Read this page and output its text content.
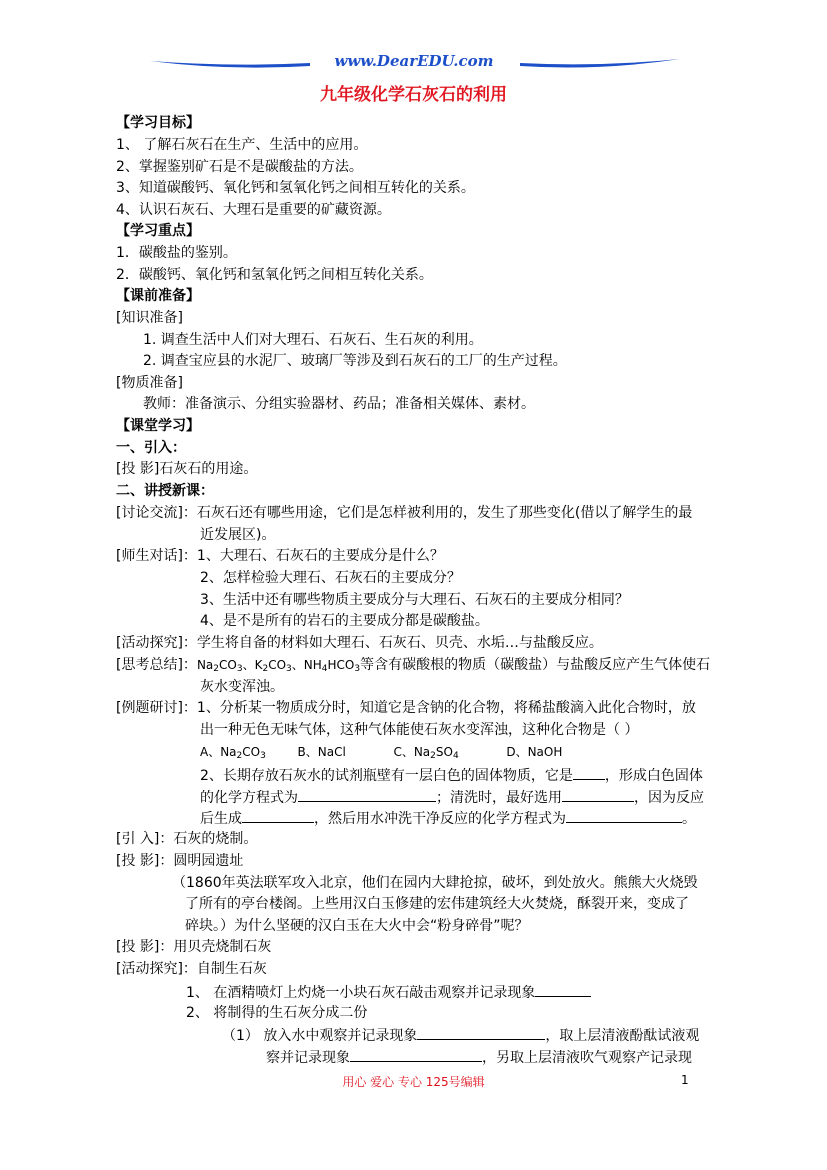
www.DearEDU.com
九年级化学石灰石的利用
【学习目标】
1、 了解石灰石在生产、生活中的应用。
2、掌握鉴别矿石是不是碳酸盐的方法。
3、知道碳酸钙、氧化钙和氢氧化钙之间相互转化的关系。
4、认识石灰石、大理石是重要的矿藏资源。
【学习重点】
1．碳酸盐的鉴别。
2．碳酸钙、氧化钙和氢氧化钙之间相互转化关系。
【课前准备】
[知识准备]
1. 调查生活中人们对大理石、石灰石、生石灰的利用。
2. 调查宝应县的水泥厂、玻璃厂等涉及到石灰石的工厂的生产过程。
[物质准备]
教师：准备演示、分组实验器材、药品；准备相关媒体、素材。
【课堂学习】
一、引入：
[投 影]石灰石的用途。
二、讲授新课：
[讨论交流]：石灰石还有哪些用途，它们是怎样被利用的，发生了那些变化(借以了解学生的最
近发展区)。
[师生对话]：1、大理石、石灰石的主要成分是什么？
2、怎样检验大理石、石灰石的主要成分？
3、生活中还有哪些物质主要成分与大理石、石灰石的主要成分相同？
4、是不是所有的岩石的主要成分都是碳酸盐。
[活动探究]：学生将自备的材料如大理石、石灰石、贝壳、水垢…与盐酸反应。
[思考总结]：$Na_2CO_3$、$K_2CO_3$、$NH_4HCO_3$等含有碳酸根的物质（碳酸盐）与盐酸反应产生气体使石
灰水变浑浊。
[例题研讨]：1、分析某一物质成分时，知道它是含钠的化合物，将稀盐酸滴入此化合物时，放
出一种无色无味气体，这种气体能使石灰水变浑浊，这种化合物是（ ）
A、$Na_2CO_3$	B、NaCl	C、$Na_2SO_4$	D、NaOH
2、长期存放石灰水的试剂瓶壁有一层白色的固体物质，它是 ，形成白色固体
的化学方程式为	；清洗时，最好选用	，因为反应
后生成	，然后用水冲洗干净反应的化学方程式为	。
[引 入]：石灰的烧制。
[投 影]：圆明园遗址
（1860年英法联军攻入北京，他们在园内大肆抢掠，破坏，到处放火。熊熊大火烧毁
了所有的亭台楼阁。上些用汉白玉修建的宏伟建筑经大火焚烧，酥裂开来，变成了
碎块。）为什么坚硬的汉白玉在大火中会“粉身碎骨”呢？
[投 影]：用贝壳烧制石灰
[活动探究]：自制生石灰
1、 在酒精喷灯上灼烧一小块石灰石敲击观察并记录现象
2、 将制得的生石灰分成二份
（1） 放入水中观察并记录现象	，取上层清液酚酞试液观
察并记录现象	，另取上层清液吹气观察产记录现
用心 爱心 专心 125号编辑	1
